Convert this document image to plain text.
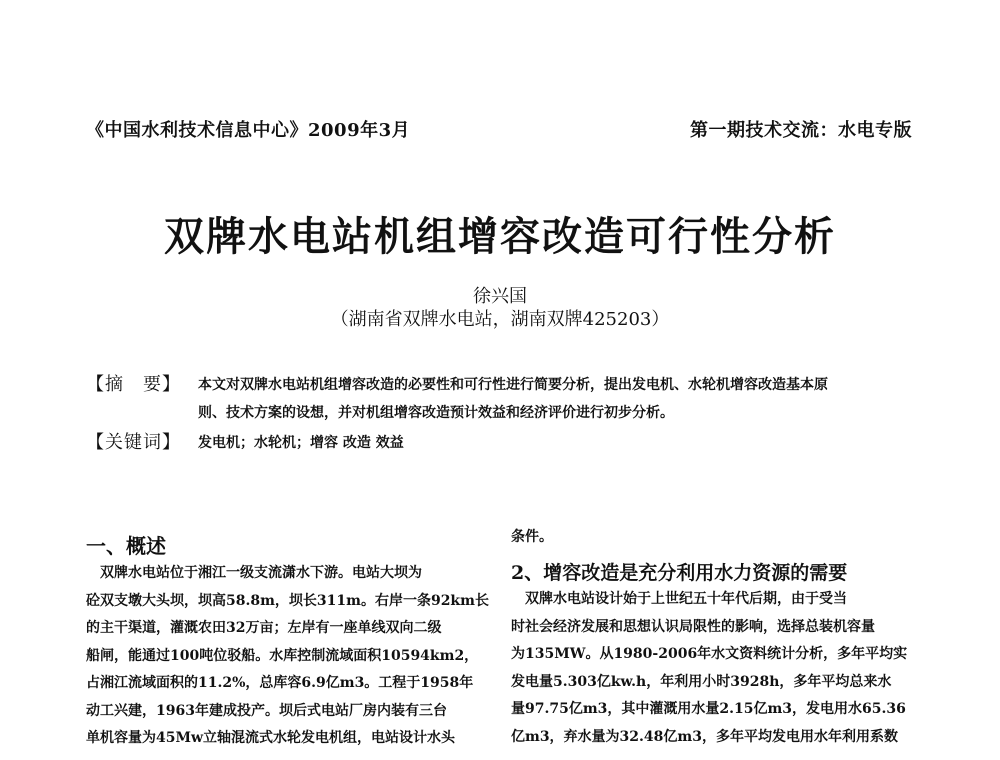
《中国水利技术信息中心》2009年3月	第一期技术交流：水电专版
双牌水电站机组增容改造可行性分析
徐兴国
（湖南省双牌水电站，湖南双牌425203）
【摘　要】 本文对双牌水电站机组增容改造的必要性和可行性进行简要分析，提出发电机、水轮机增容改造基本原
则、技术方案的设想，并对机组增容改造预计效益和经济评价进行初步分析。
【关键词】 发电机；水轮机；增容 改造 效益
一、概述
　双牌水电站位于湘江一级支流潇水下游。电站大坝为
砼双支墩大头坝，坝高58.8m，坝长311m。右岸一条92km长
的主干渠道，灌溉农田32万亩；左岸有一座单线双向二级
船闸，能通过100吨位驳船。水库控制流域面积10594km2，
占湘江流域面积的11.2%，总库容6.9亿m3。工程于1958年
动工兴建，1963年建成投产。坝后式电站厂房内装有三台
单机容量为45Mw立轴混流式水轮发电机组，电站设计水头
条件。
2、增容改造是充分利用水力资源的需要
　双牌水电站设计始于上世纪五十年代后期，由于受当
时社会经济发展和思想认识局限性的影响，选择总装机容量
为135MW。从1980-2006年水文资料统计分析，多年平均实
发电量5.303亿kw.h，年利用小时3928h，多年平均总来水
量97.75亿m3，其中灌溉用水量2.15亿m3，发电用水65.36
亿m3，弃水量为32.48亿m3，多年平均发电用水年利用系数
